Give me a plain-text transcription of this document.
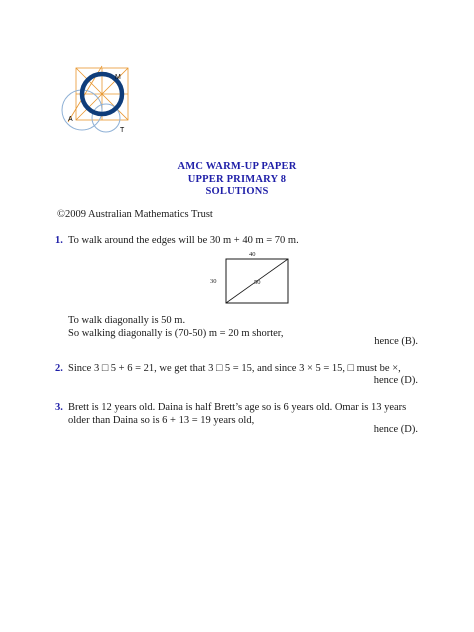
M
A
T
AMC WARM-UP PAPER
UPPER PRIMARY 8
SOLUTIONS
©2009 Australian Mathematics Trust
1. To walk around the edges will be 30 m + 40 m = 70 m.
40
30	50
To walk diagonally is 50 m.
So walking diagonally is (70-50) m = 20 m shorter,
hence (B).
2. Since 3 □ 5 + 6 = 21, we get that 3 □ 5 = 15, and since 3 × 5 = 15, □ must be ×,
hence (D).
3. Brett is 12 years old. Daina is half Brett’s age so is 6 years old. Omar is 13 years
older than Daina so is 6 + 13 = 19 years old,
hence (D).
